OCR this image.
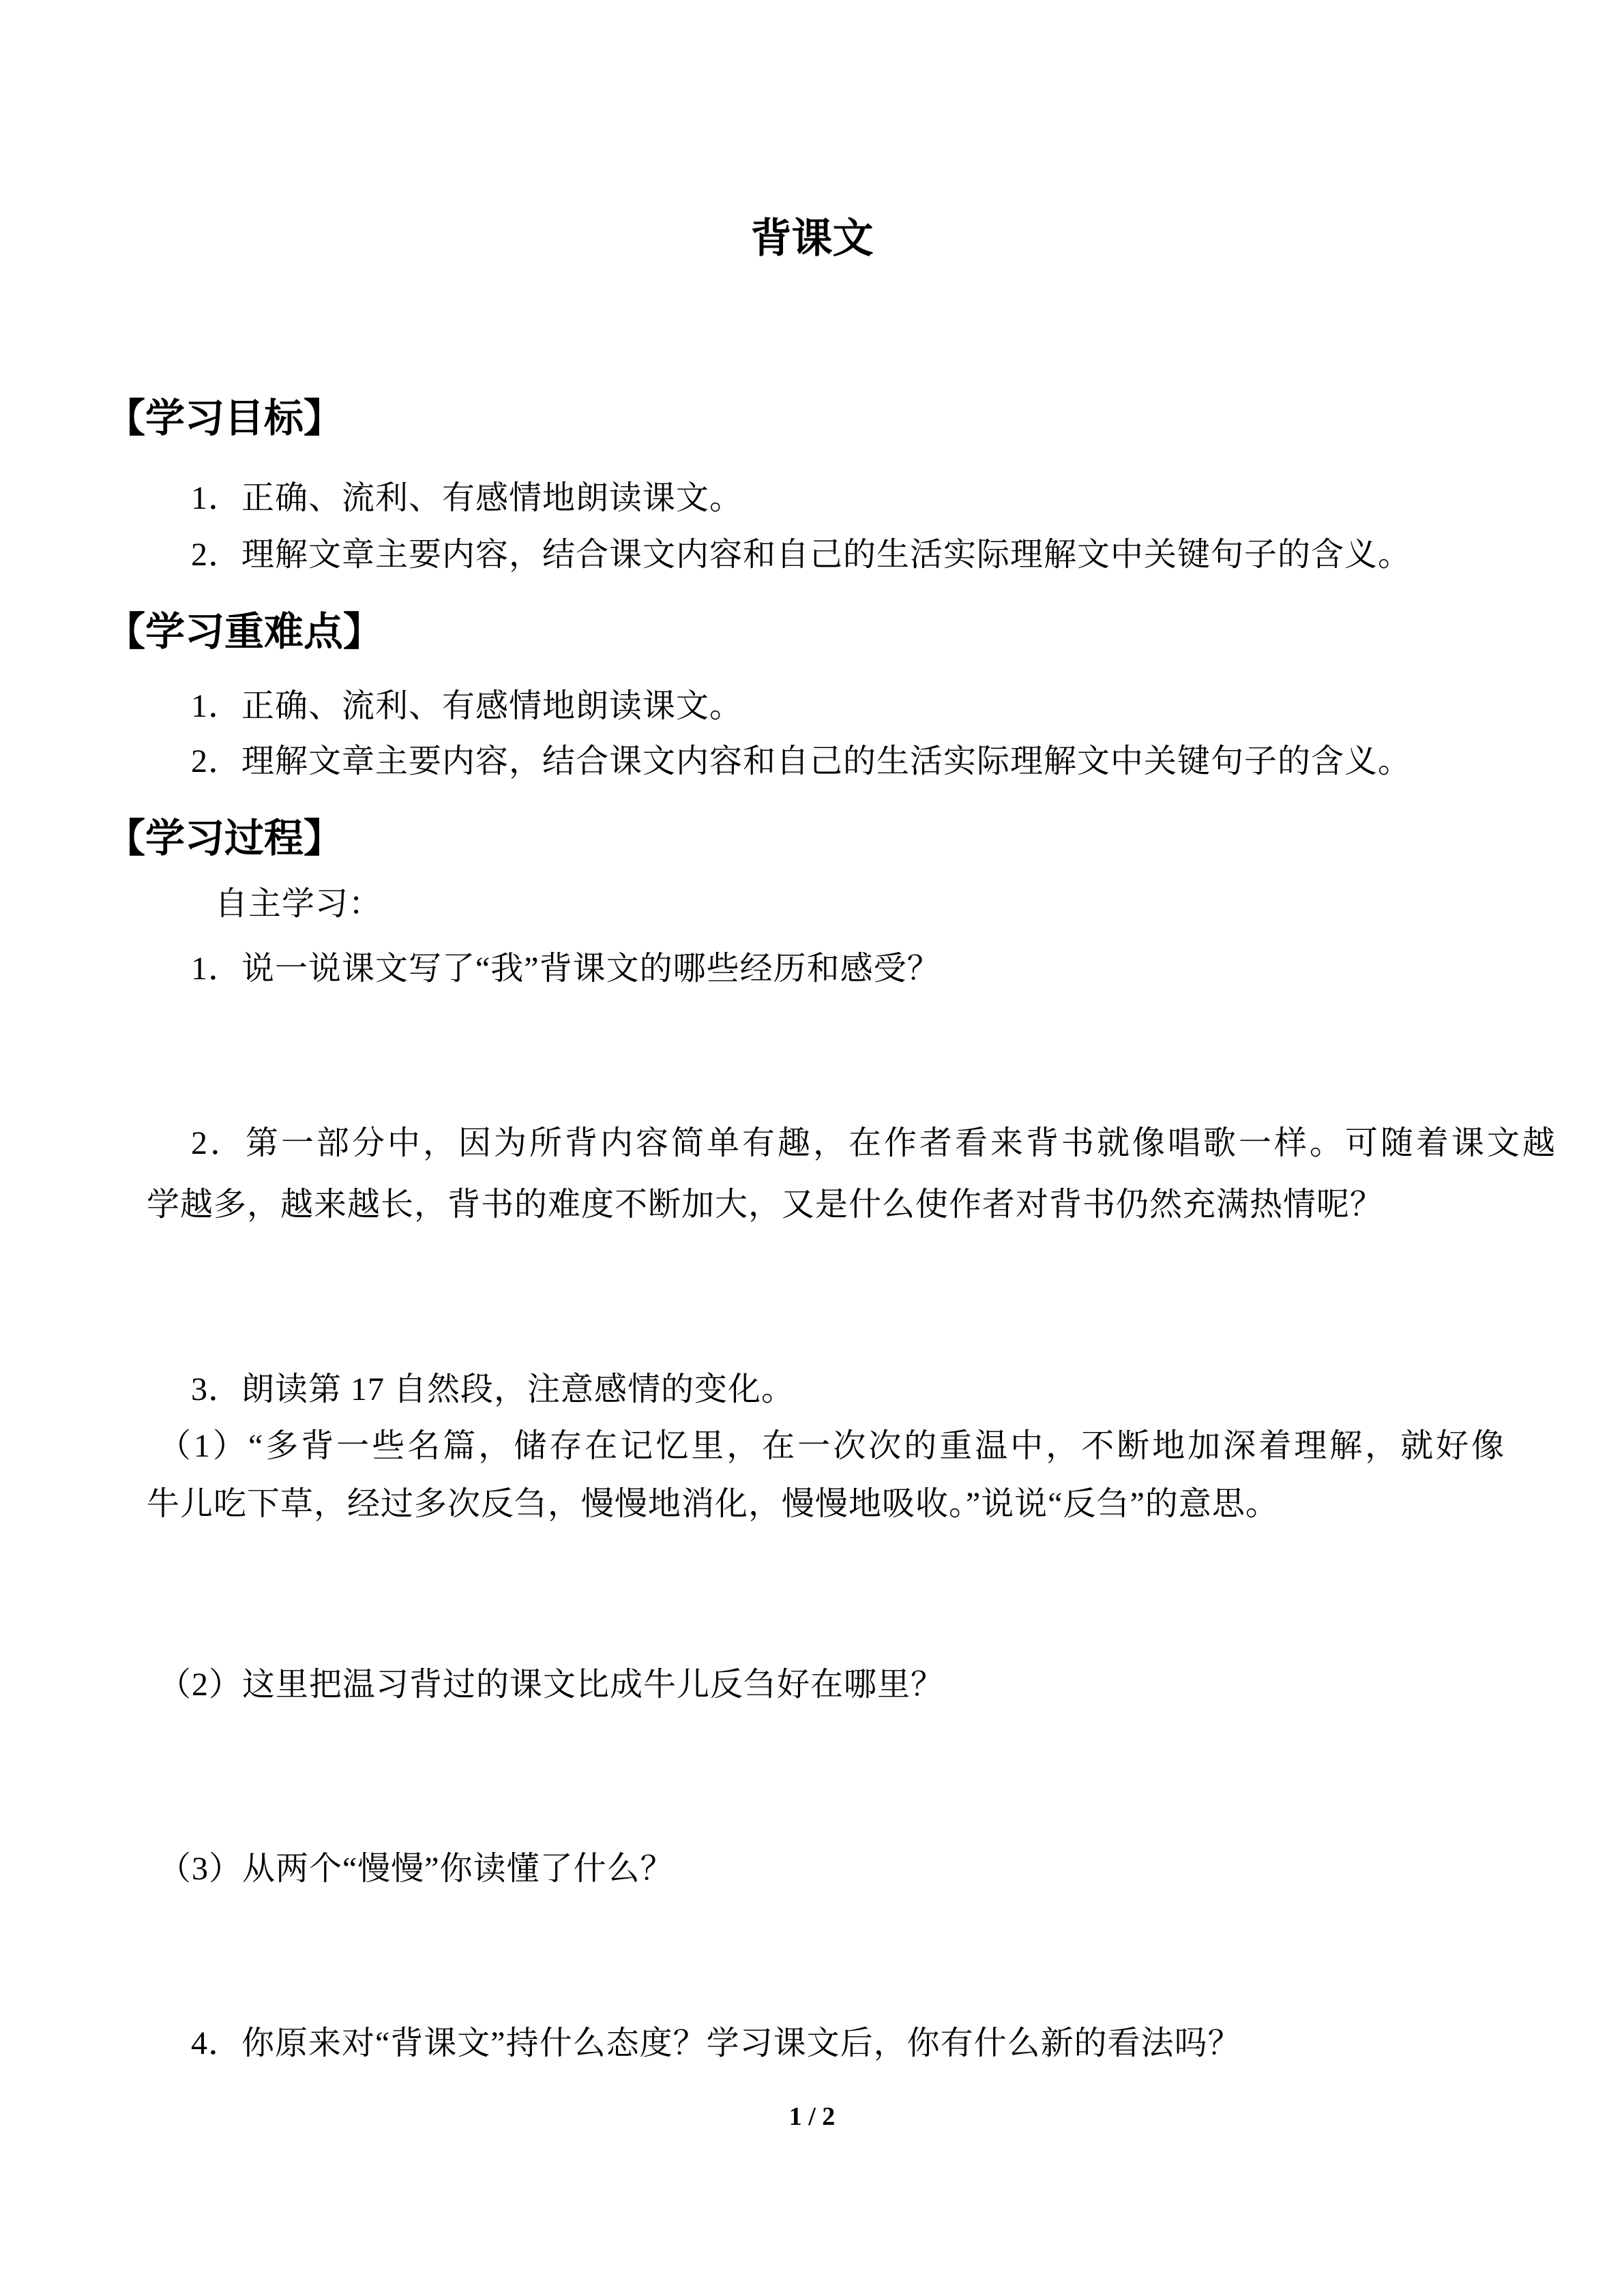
背课文
【学习目标】
1．正确、流利、有感情地朗读课文。
2．理解文章主要内容，结合课文内容和自己的生活实际理解文中关键句子的含义。
【学习重难点】
1．正确、流利、有感情地朗读课文。
2．理解文章主要内容，结合课文内容和自己的生活实际理解文中关键句子的含义。
【学习过程】
自主学习：
1．说一说课文写了“我”背课文的哪些经历和感受？
2．第一部分中，因为所背内容简单有趣，在作者看来背书就像唱歌一样。可随着课文越
学越多，越来越长，背书的难度不断加大，又是什么使作者对背书仍然充满热情呢？
3．朗读第 17 自然段，注意感情的变化。
（1）“多背一些名篇，储存在记忆里，在一次次的重温中，不断地加深着理解，就好像
牛儿吃下草，经过多次反刍，慢慢地消化，慢慢地吸收。”说说“反刍”的意思。
（2）这里把温习背过的课文比成牛儿反刍好在哪里？
（3）从两个“慢慢”你读懂了什么？
4．你原来对“背课文”持什么态度？学习课文后，你有什么新的看法吗？
1 / 2
